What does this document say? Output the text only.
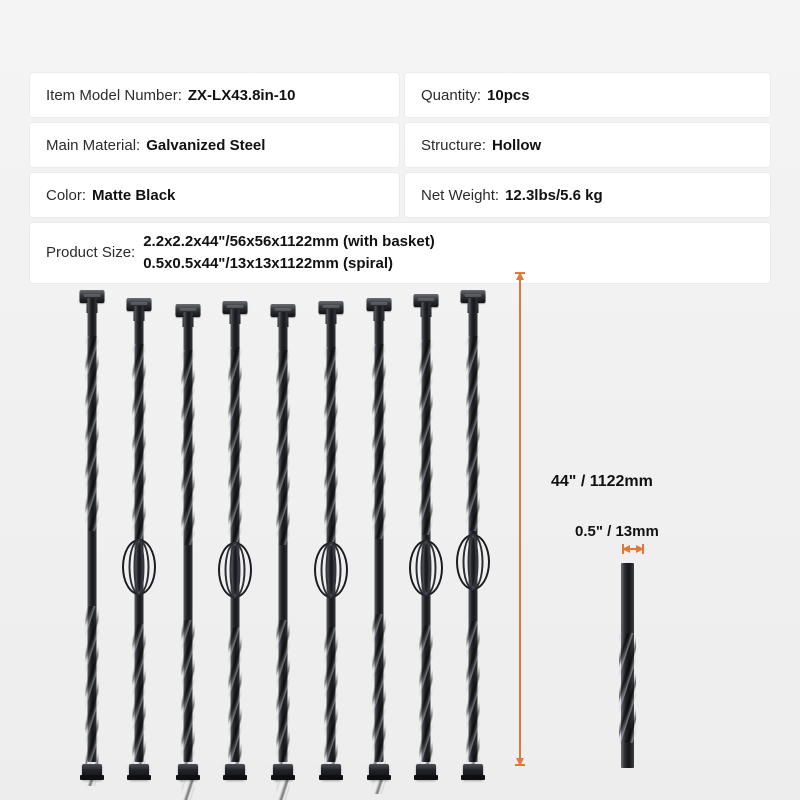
Item Model Number: ZX-LX43.8in-10	Quantity: 10pcs
Main Material: Galvanized Steel	Structure: Hollow
Color: Matte Black	Net Weight: 12.3lbs/5.6 kg
Product Size:
2.2x2.2x44"/56x56x1122mm (with basket)
0.5x0.5x44"/13x13x1122mm (spiral)
44" / 1122mm
0.5" / 13mm
